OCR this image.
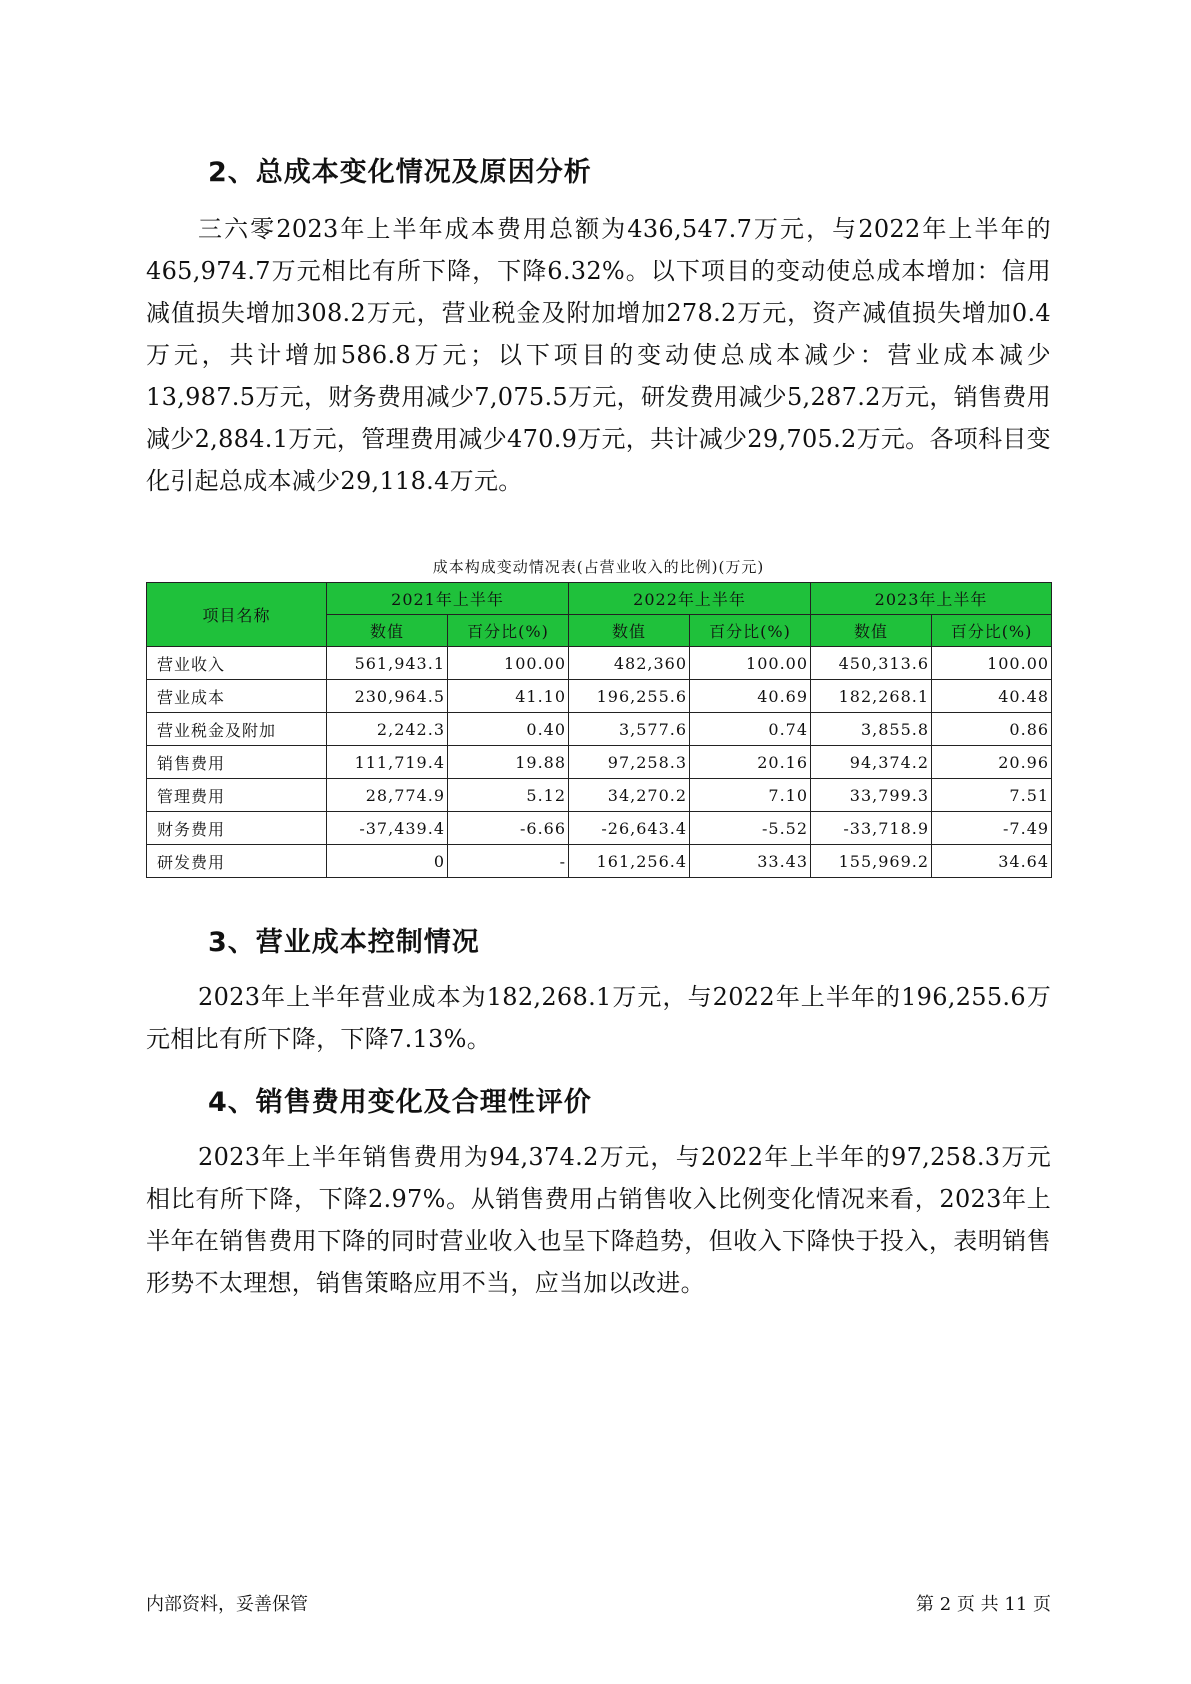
2、总成本变化情况及原因分析

三六零2023年上半年成本费用总额为436,547.7万元，与2022年上半年的465,974.7万元相比有所下降，下降6.32%。以下项目的变动使总成本增加：信用减值损失增加308.2万元，营业税金及附加增加278.2万元，资产减值损失增加0.4万元，共计增加586.8万元；以下项目的变动使总成本减少：营业成本减少13,987.5万元，财务费用减少7,075.5万元，研发费用减少5,287.2万元，销售费用减少2,884.1万元，管理费用减少470.9万元，共计减少29,705.2万元。各项科目变化引起总成本减少29,118.4万元。

成本构成变动情况表(占营业收入的比例)(万元)
项目名称	2021年上半年		2022年上半年		2023年上半年	
	数值	百分比(%)	数值	百分比(%)	数值	百分比(%)
营业收入	561,943.1	100.00	482,360	100.00	450,313.6	100.00
营业成本	230,964.5	41.10	196,255.6	40.69	182,268.1	40.48
营业税金及附加	2,242.3	0.40	3,577.6	0.74	3,855.8	0.86
销售费用	111,719.4	19.88	97,258.3	20.16	94,374.2	20.96
管理费用	28,774.9	5.12	34,270.2	7.10	33,799.3	7.51
财务费用	-37,439.4	-6.66	-26,643.4	-5.52	-33,718.9	-7.49
研发费用	0	-	161,256.4	33.43	155,969.2	34.64
3、营业成本控制情况

2023年上半年营业成本为182,268.1万元，与2022年上半年的196,255.6万元相比有所下降，下降7.13%。

4、销售费用变化及合理性评价

2023年上半年销售费用为94,374.2万元，与2022年上半年的97,258.3万元相比有所下降，下降2.97%。从销售费用占销售收入比例变化情况来看，2023年上半年在销售费用下降的同时营业收入也呈下降趋势，但收入下降快于投入，表明销售形势不太理想，销售策略应用不当，应当加以改进。

内部资料，妥善保管	第 2 页 共 11 页
